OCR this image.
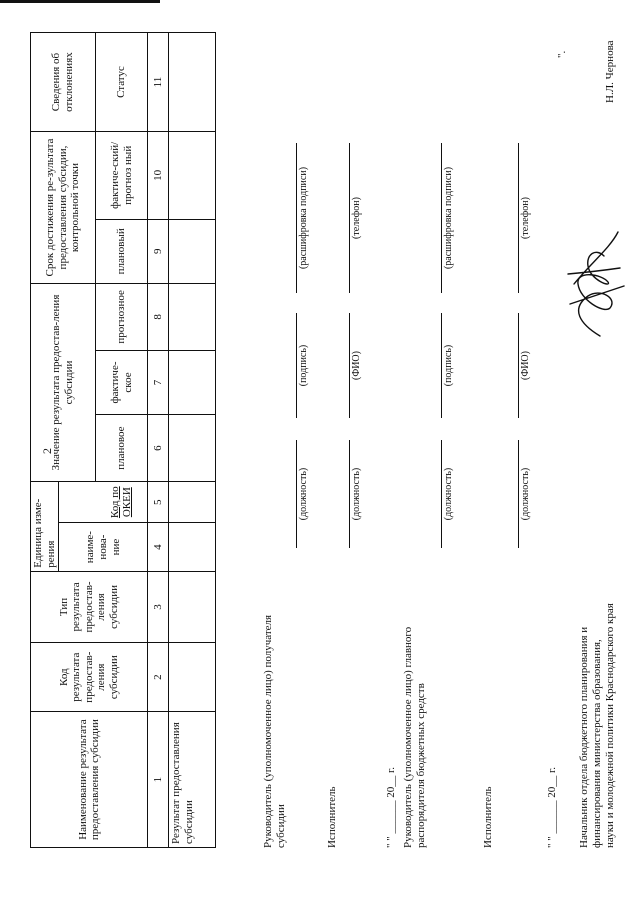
2
Наименование результата предоставления субсидии	Код результата предостав-ления субсидии	Тип результата предостав-ления субсидии	Единица изме-рения		Значение результата предостав-ления субсидии			Срок достижения ре-зультата предоставления субсидии, контрольной точки		Сведения об отклонениях
			наиме-нова-ние							
				Код по ОКЕИ	плановое	фактиче-ское	прогнозное	плановый	фактиче-ский/прогноз ный	Статус
1	2	3	4	5	6	7	8	9	10	11
Результат предоставления субсидии											Руководитель (уполномоченное лицо) получателя субсидии
(должность)
(подпись)
(расшифровка подписи)
Исполнитель
(должность)
(ФИО)
(телефон)
" " ______ 20__ г. Руководитель (уполномоченное лицо) главного распорядителя бюджетных средств
(должность)
(подпись)
(расшифровка подписи)
Исполнитель
(должность)
(ФИО)
(телефон)
" " ______ 20__ г. Начальник отдела бюджетного планирования и финансирования министерства образования, науки и молодежной политики Краснодарского края
Н.Л. Чернова
".
